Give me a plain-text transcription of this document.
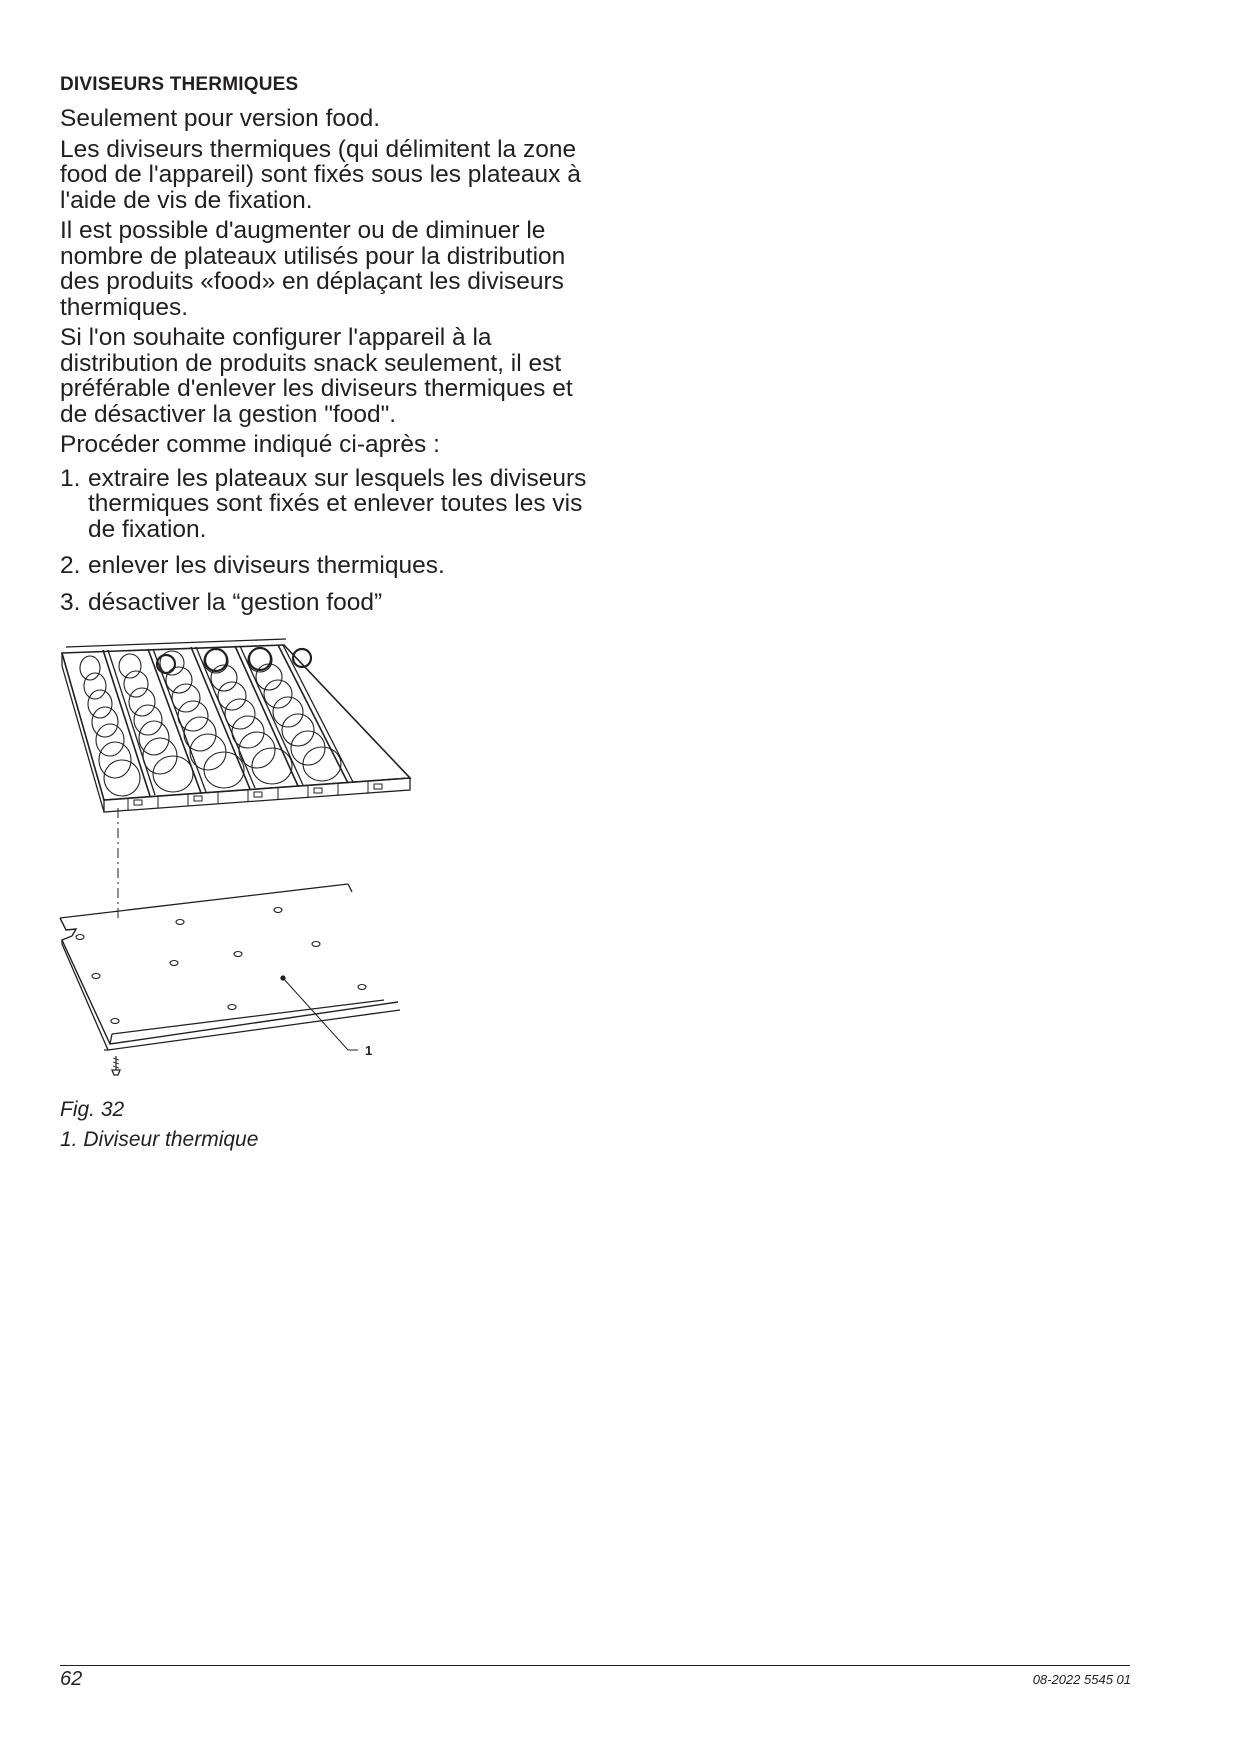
DIVISEURS THERMIQUES

Seulement pour version food.

Les diviseurs thermiques (qui délimitent la zone food de l'appareil) sont fixés sous les plateaux à l'aide de vis de fixation.

Il est possible d'augmenter ou de diminuer le nombre de plateaux utilisés pour la distribution des produits «food» en déplaçant les diviseurs thermiques.

Si l'on souhaite configurer l'appareil à la distribution de produits snack seulement, il est préférable d'enlever les diviseurs thermiques et de désactiver la gestion "food".

Procéder comme indiqué ci-après :

1. extraire les plateaux sur lesquels les diviseurs thermiques sont fixés et enlever toutes les vis de fixation.
2. enlever les diviseurs thermiques.
3. désactiver la “gestion food”
1

Fig. 32

1. Diviseur thermique

62	08-2022 5545 01
